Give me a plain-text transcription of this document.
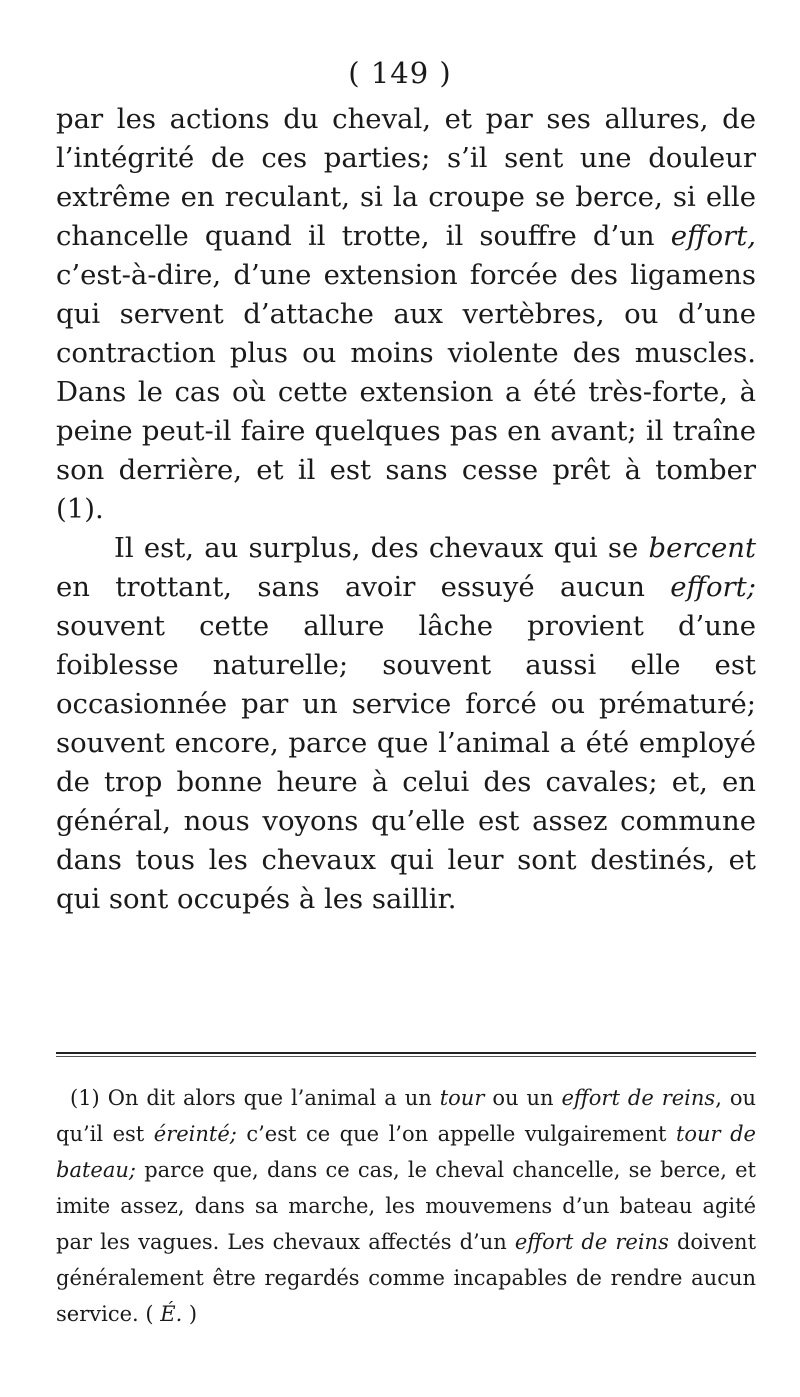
( 149 )

par les actions du cheval, et par ses allures, de l’intégrité de ces parties; s’il sent une douleur extrême en reculant, si la croupe se berce, si elle chancelle quand il trotte, il souffre d’un effort, c’est-à-dire, d’une extension forcée des ligamens qui servent d’attache aux vertèbres, ou d’une contraction plus ou moins violente des muscles. Dans le cas où cette extension a été très-forte, à peine peut-il faire quelques pas en avant; il traîne son derrière, et il est sans cesse prêt à tomber (1).

Il est, au surplus, des chevaux qui se bercent en trottant, sans avoir essuyé aucun effort; souvent cette allure lâche provient d’une foiblesse naturelle; souvent aussi elle est occasionnée par un service forcé ou prématuré; souvent encore, parce que l’animal a été employé de trop bonne heure à celui des cavales; et, en général, nous voyons qu’elle est assez commune dans tous les chevaux qui leur sont destinés, et qui sont occupés à les saillir.

(1) On dit alors que l’animal a un tour ou un effort de reins, ou qu’il est éreinté; c’est ce que l’on appelle vulgairement tour de bateau; parce que, dans ce cas, le cheval chancelle, se berce, et imite assez, dans sa marche, les mouvemens d’un bateau agité par les vagues. Les chevaux affectés d’un effort de reins doivent généralement être regardés comme incapables de rendre aucun service. ( É. )
